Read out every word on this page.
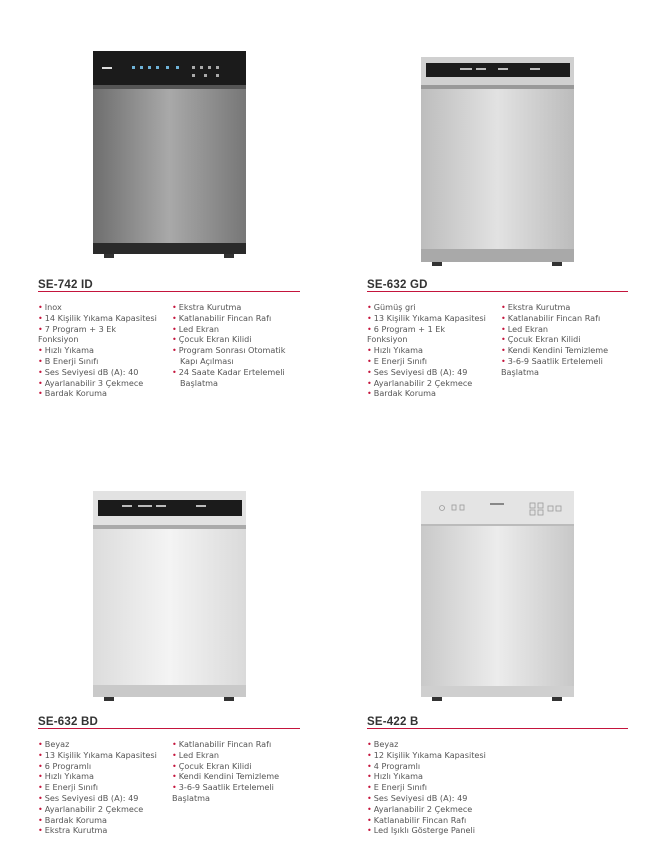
SE-742 ID
• Inox
• 14 Kişilik Yıkama Kapasitesi
• 7 Program + 3 Ek
Fonksiyon
• Hızlı Yıkama
• B Enerji Sınıfı
• Ses Seviyesi dB (A): 40
• Ayarlanabilir 3 Çekmece
• Bardak Koruma
• Ekstra Kurutma
• Katlanabilir Fincan Rafı
• Led Ekran
• Çocuk Ekran Kilidi
• Program Sonrası Otomatik
Kapı Açılması
• 24 Saate Kadar Ertelemeli
Başlatma
SE-632 GD
• Gümüş gri
• 13 Kişilik Yıkama Kapasitesi
• 6 Program + 1 Ek
Fonksiyon
• Hızlı Yıkama
• E Enerji Sınıfı
• Ses Seviyesi dB (A): 49
• Ayarlanabilir 2 Çekmece
• Bardak Koruma
• Ekstra Kurutma
• Katlanabilir Fincan Rafı
• Led Ekran
• Çocuk Ekran Kilidi
• Kendi Kendini Temizleme
• 3-6-9 Saatlik Ertelemeli
Başlatma
SE-632 BD
• Beyaz
• 13 Kişilik Yıkama Kapasitesi
• 6 Programlı
• Hızlı Yıkama
• E Enerji Sınıfı
• Ses Seviyesi dB (A): 49
• Ayarlanabilir 2 Çekmece
• Bardak Koruma
• Ekstra Kurutma
• Katlanabilir Fincan Rafı
• Led Ekran
• Çocuk Ekran Kilidi
• Kendi Kendini Temizleme
• 3-6-9 Saatlik Ertelemeli
Başlatma
SE-422 B
• Beyaz
• 12 Kişilik Yıkama Kapasitesi
• 4 Programlı
• Hızlı Yıkama
• E Enerji Sınıfı
• Ses Seviyesi dB (A): 49
• Ayarlanabilir 2 Çekmece
• Katlanabilir Fincan Rafı
• Led Işıklı Gösterge Paneli
